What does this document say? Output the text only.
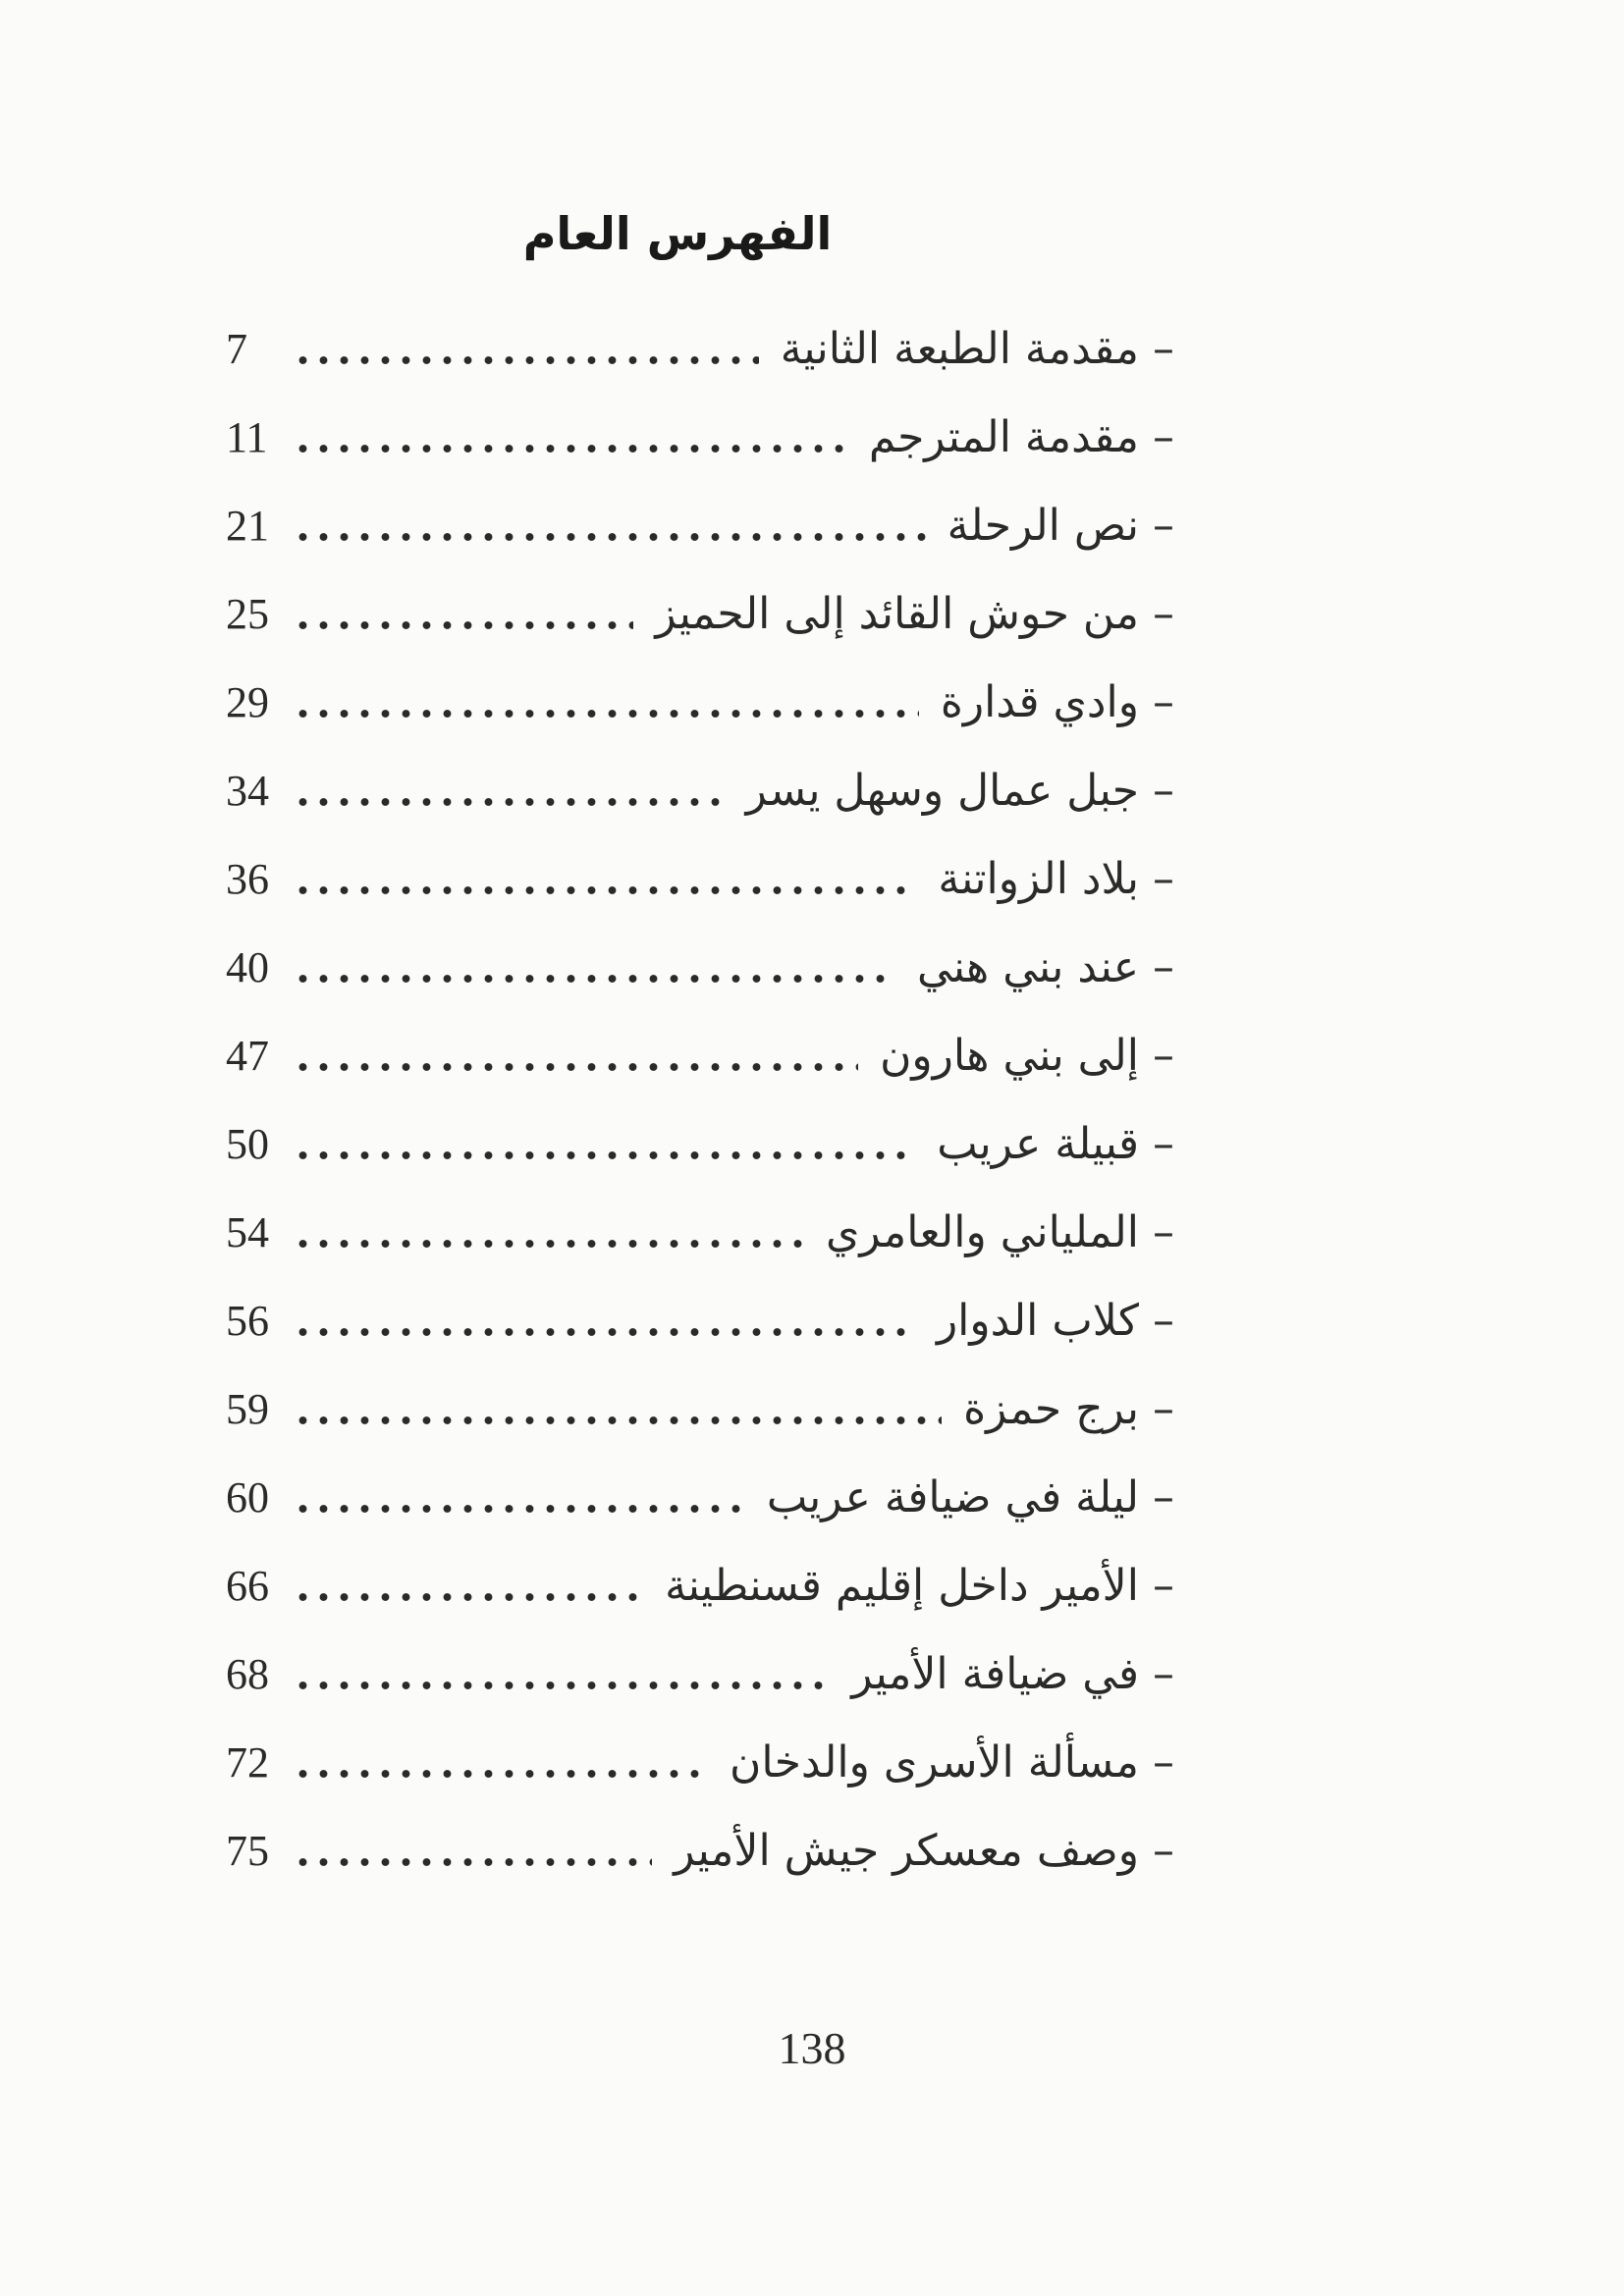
الفهرس العام
–
مقدمة الطبعة الثانية
7
–
مقدمة المترجم
11
–
نص الرحلة
21
–
من حوش القائد إلى الحميز
25
–
وادي قدارة
29
–
جبل عمال وسهل يسر
34
–
بلاد الزواتنة
36
–
عند بني هني
40
–
إلى بني هارون
47
–
قبيلة عريب
50
–
الملياني والعامري
54
–
كلاب الدوار
56
–
برج حمزة
59
–
ليلة في ضيافة عريب
60
–
الأمير داخل إقليم قسنطينة
66
–
في ضيافة الأمير
68
–
مسألة الأسرى والدخان
72
–
وصف معسكر جيش الأمير
75
138
